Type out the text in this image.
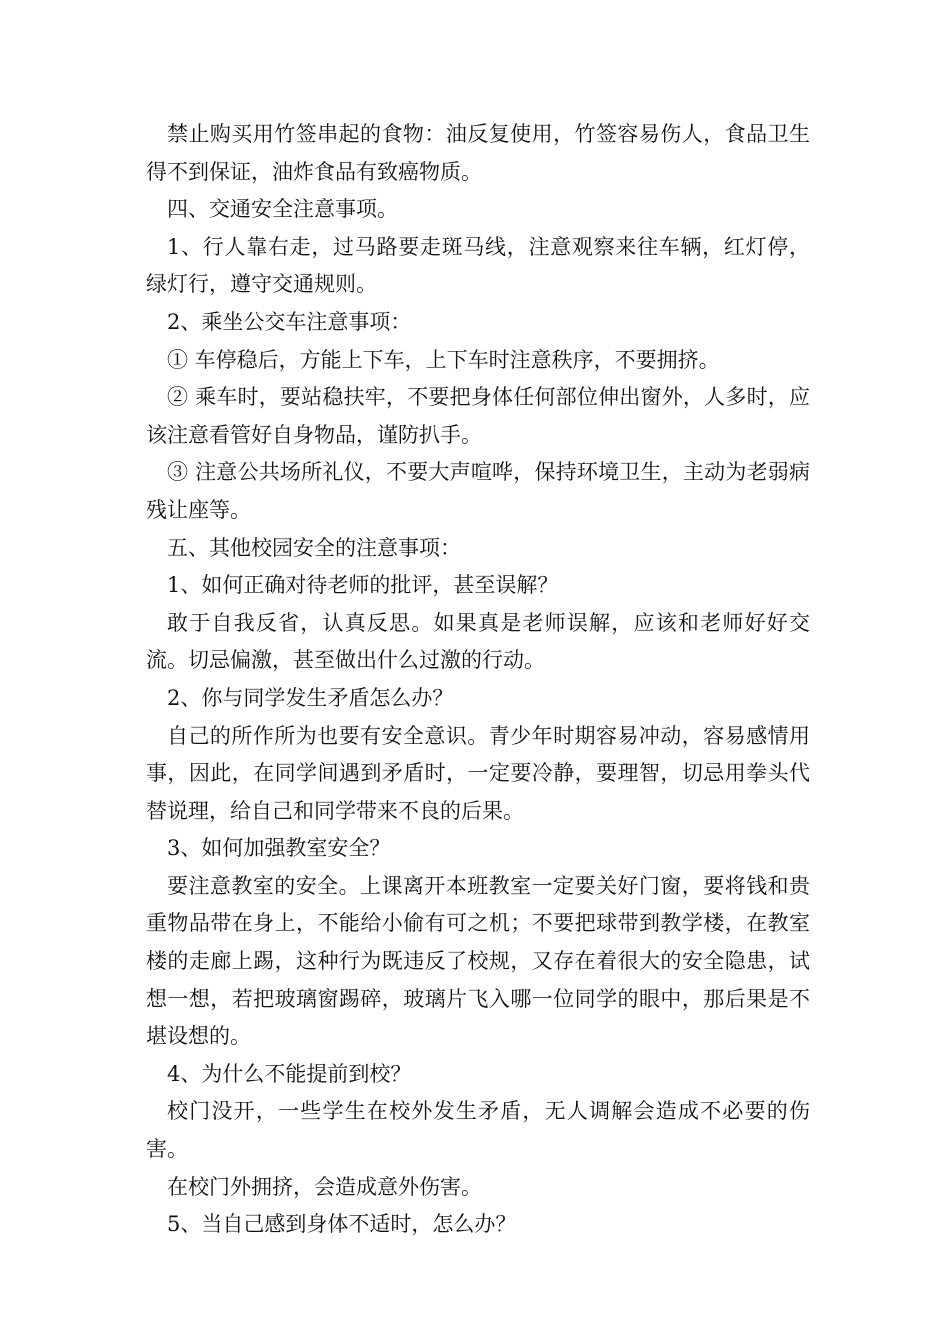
禁止购买用竹签串起的食物：油反复使用，竹签容易伤人，食品卫生得不到保证，油炸食品有致癌物质。

四、交通安全注意事项。

1、行人靠右走，过马路要走斑马线，注意观察来往车辆，红灯停，绿灯行，遵守交通规则。

2、乘坐公交车注意事项：

① 车停稳后，方能上下车，上下车时注意秩序，不要拥挤。

② 乘车时，要站稳扶牢，不要把身体任何部位伸出窗外，人多时，应该注意看管好自身物品，谨防扒手。

③ 注意公共场所礼仪，不要大声喧哗，保持环境卫生，主动为老弱病残让座等。

五、其他校园安全的注意事项：

1、如何正确对待老师的批评，甚至误解？

敢于自我反省，认真反思。如果真是老师误解，应该和老师好好交流。切忌偏激，甚至做出什么过激的行动。

2、你与同学发生矛盾怎么办？

自己的所作所为也要有安全意识。青少年时期容易冲动，容易感情用事，因此，在同学间遇到矛盾时，一定要冷静，要理智，切忌用拳头代替说理，给自己和同学带来不良的后果。

3、如何加强教室安全？

要注意教室的安全。上课离开本班教室一定要关好门窗，要将钱和贵重物品带在身上，不能给小偷有可之机；不要把球带到教学楼，在教室楼的走廊上踢，这种行为既违反了校规，又存在着很大的安全隐患，试想一想，若把玻璃窗踢碎，玻璃片飞入哪一位同学的眼中，那后果是不堪设想的。

4、为什么不能提前到校？

校门没开，一些学生在校外发生矛盾，无人调解会造成不必要的伤害。

在校门外拥挤，会造成意外伤害。

5、当自己感到身体不适时，怎么办？
